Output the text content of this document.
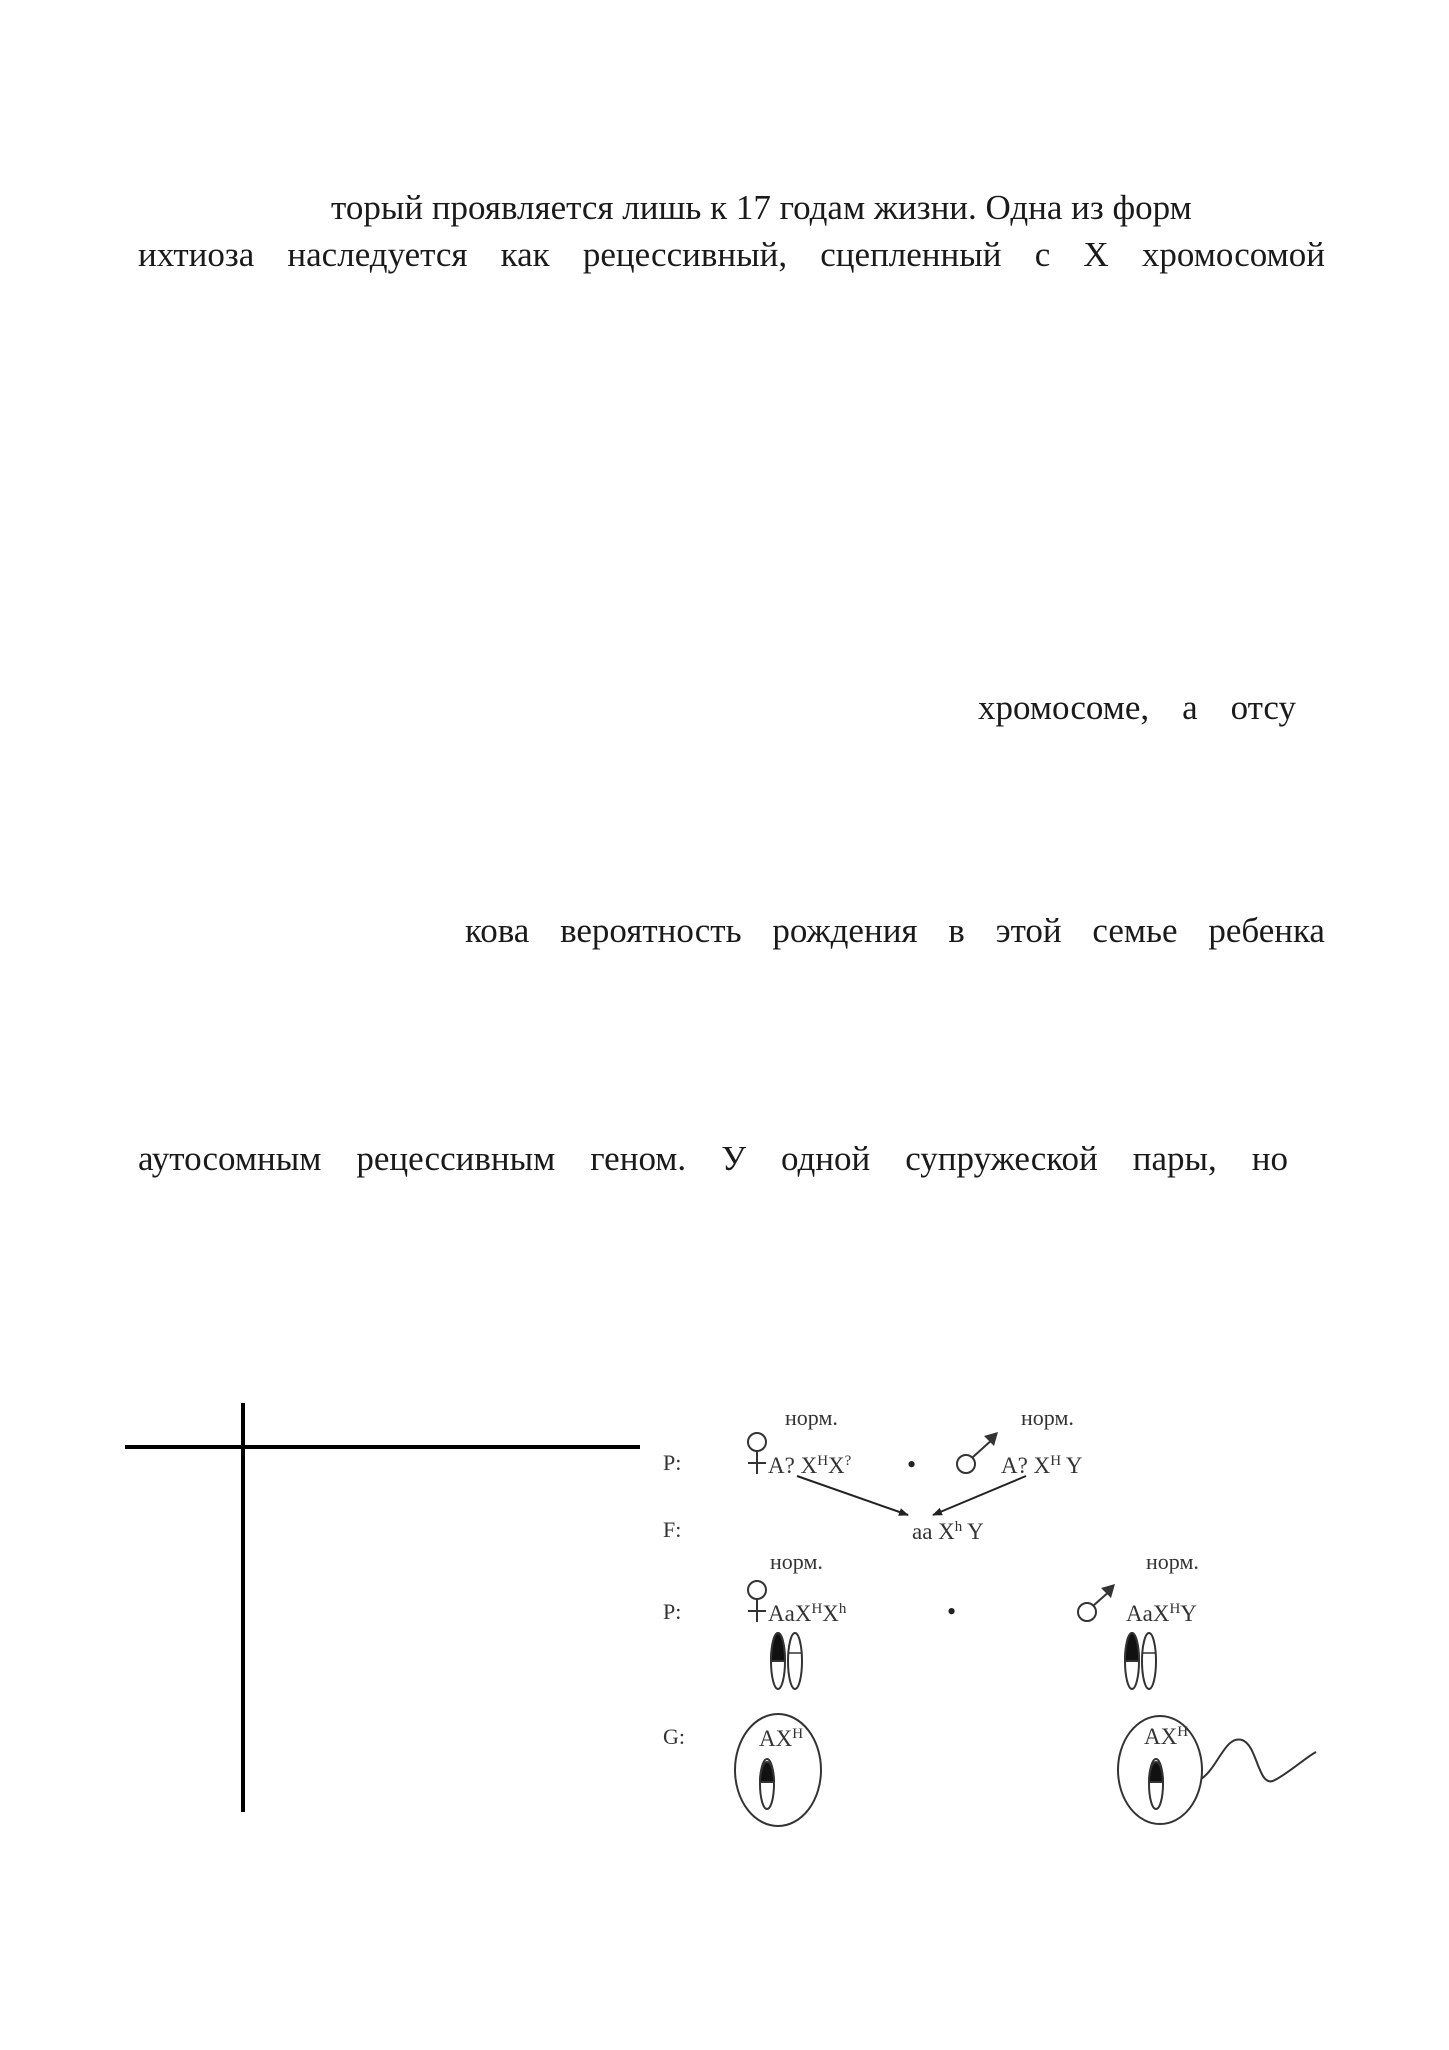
торый проявляется лишь к 17 годам жизни. Одна из форм
ихтиоза наследуется как рецессивный, сцепленный с Х хромосомой
хромосоме, а отсу
кова вероятность рождения в этой семье ребенка
аутосомным рецессивным геном. У одной супружеской пары, но
норм.	норм.
P:	A? $X^HX^?$ •	A? $X^H$ Y
F:	aa $X^h$ Y
норм.	норм.
P:	$AaX^HX^h$	•	AaX$^H$Y
G:	$AX^H$	$AX^H$
